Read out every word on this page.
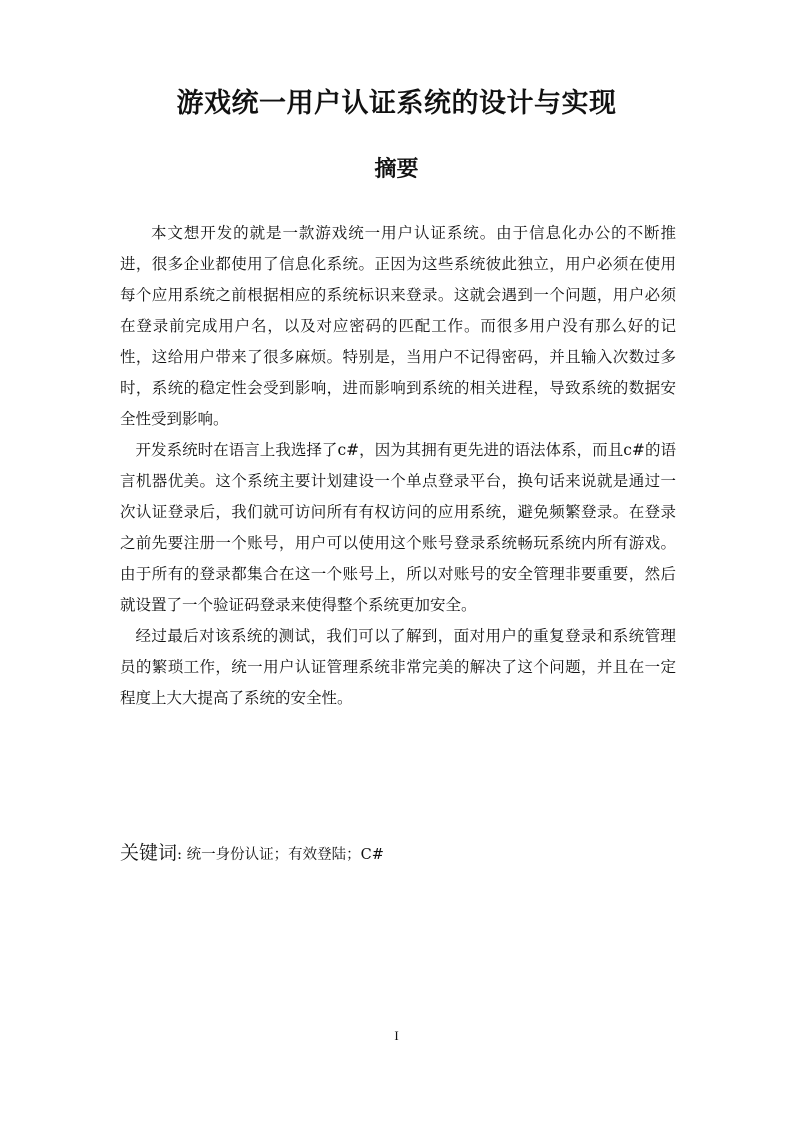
游戏统一用户认证系统的设计与实现
摘要

本文想开发的就是一款游戏统一用户认证系统。由于信息化办公的不断推进，很多企业都使用了信息化系统。正因为这些系统彼此独立，用户必须在使用每个应用系统之前根据相应的系统标识来登录。这就会遇到一个问题，用户必须在登录前完成用户名，以及对应密码的匹配工作。而很多用户没有那么好的记性，这给用户带来了很多麻烦。特别是，当用户不记得密码，并且输入次数过多时，系统的稳定性会受到影响，进而影响到系统的相关进程，导致系统的数据安全性受到影响。

开发系统时在语言上我选择了c#，因为其拥有更先进的语法体系，而且c#的语言机器优美。这个系统主要计划建设一个单点登录平台，换句话来说就是通过一次认证登录后，我们就可访问所有有权访问的应用系统，避免频繁登录。在登录之前先要注册一个账号，用户可以使用这个账号登录系统畅玩系统内所有游戏。由于所有的登录都集合在这一个账号上，所以对账号的安全管理非要重要，然后就设置了一个验证码登录来使得整个系统更加安全。

经过最后对该系统的测试，我们可以了解到，面对用户的重复登录和系统管理员的繁琐工作，统一用户认证管理系统非常完美的解决了这个问题，并且在一定程度上大大提高了系统的安全性。

关键词: 统一身份认证；有效登陆；C#
I
